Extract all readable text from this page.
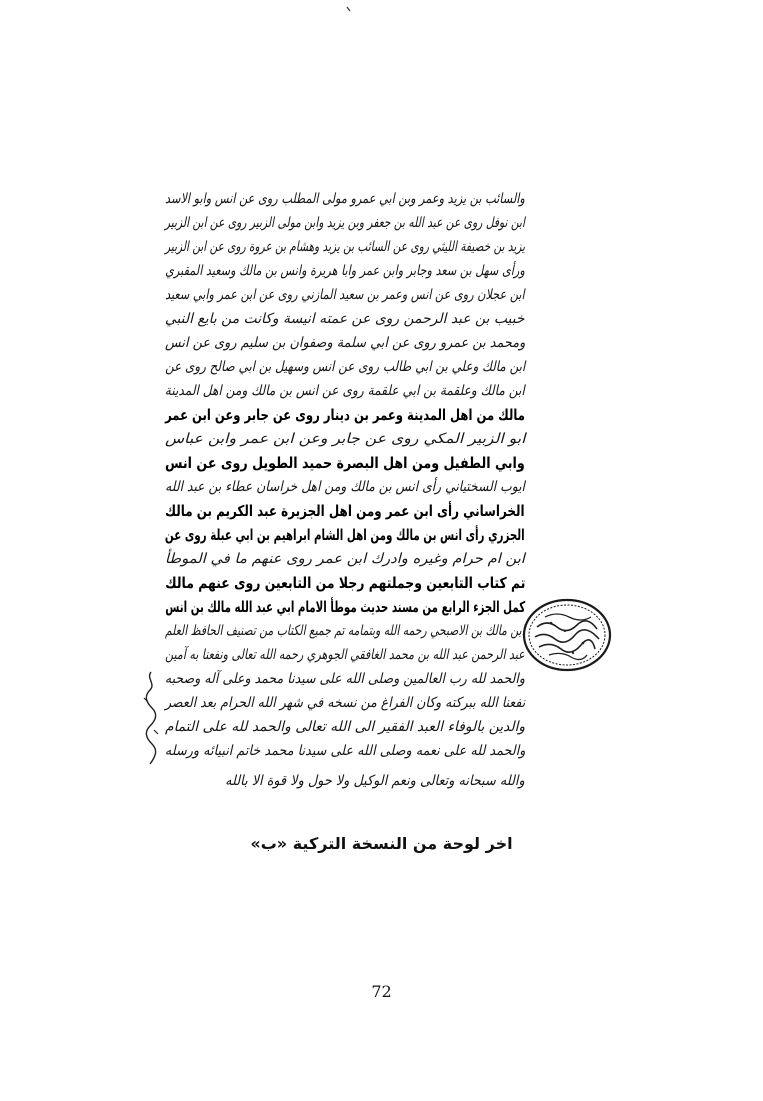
والسائب بن يزيد وعمر وبن ابي عمرو مولى المطلب روى عن انس وابو الاسد
ابن نوفل روى عن عبد الله بن جعفر وبن يزيد وابن مولى الزبير روى عن ابن الزبير
يزيد بن خصيفة الليثي روى عن السائب بن يزيد وهشام بن عروة روى عن ابن الزبير
ورأى سهل بن سعد وجابر وابن عمر وابا هريرة وانس بن مالك وسعيد المقبري
ابن عجلان روى عن انس وعمر بن سعيد المازني روى عن ابن عمر وابي سعيد
خبيب بن عبد الرحمن روى عن عمته انيسة وكانت من بايع النبي
ومحمد بن عمرو روى عن ابي سلمة وصفوان بن سليم روى عن انس
ابن مالك وعلي بن ابي طالب روى عن انس وسهيل بن ابي صالح روى عن
ابن مالك وعلقمة بن ابي علقمة روى عن انس بن مالك ومن اهل المدينة
مالك من اهل المدينة وعمر بن دينار روى عن جابر وعن ابن عمر
ابو الزبير المكي روى عن جابر وعن ابن عمر وابن عباس
وابي الطفيل ومن اهل البصرة حميد الطويل روى عن انس
ايوب السختياني رأى انس بن مالك ومن اهل خراسان عطاء بن عبد الله
الخراساني رأى ابن عمر ومن اهل الجزيرة عبد الكريم بن مالك
الجزري رأى انس بن مالك ومن اهل الشام ابراهيم بن ابي عبلة روى عن
ابن ام حرام وغيره وادرك ابن عمر روى عنهم ما في الموطأ
تم كتاب التابعين وجملتهم رجلا من التابعين روى عنهم مالك
كمل الجزء الرابع من مسند حديث موطأ الامام ابي عبد الله مالك بن انس
ابن مالك بن الاصبحي رحمه الله وبتمامه تم جميع الكتاب من تصنيف الحافظ العلم
عبد الرحمن عبد الله بن محمد الغافقي الجوهري رحمه الله تعالى ونفعنا به آمين
والحمد لله رب العالمين وصلى الله على سيدنا محمد وعلى آله وصحبه
نفعنا الله ببركته وكان الفراغ من نسخه في شهر الله الحرام بعد العصر
والدين بالوفاء العبد الفقير الى الله تعالى والحمد لله على التمام
والحمد لله على نعمه وصلى الله على سيدنا محمد خاتم انبيائه ورسله
والله سبحانه وتعالى ونعم الوكيل ولا حول ولا قوة الا بالله
اخر لوحة من النسخة التركية «ب»
72
